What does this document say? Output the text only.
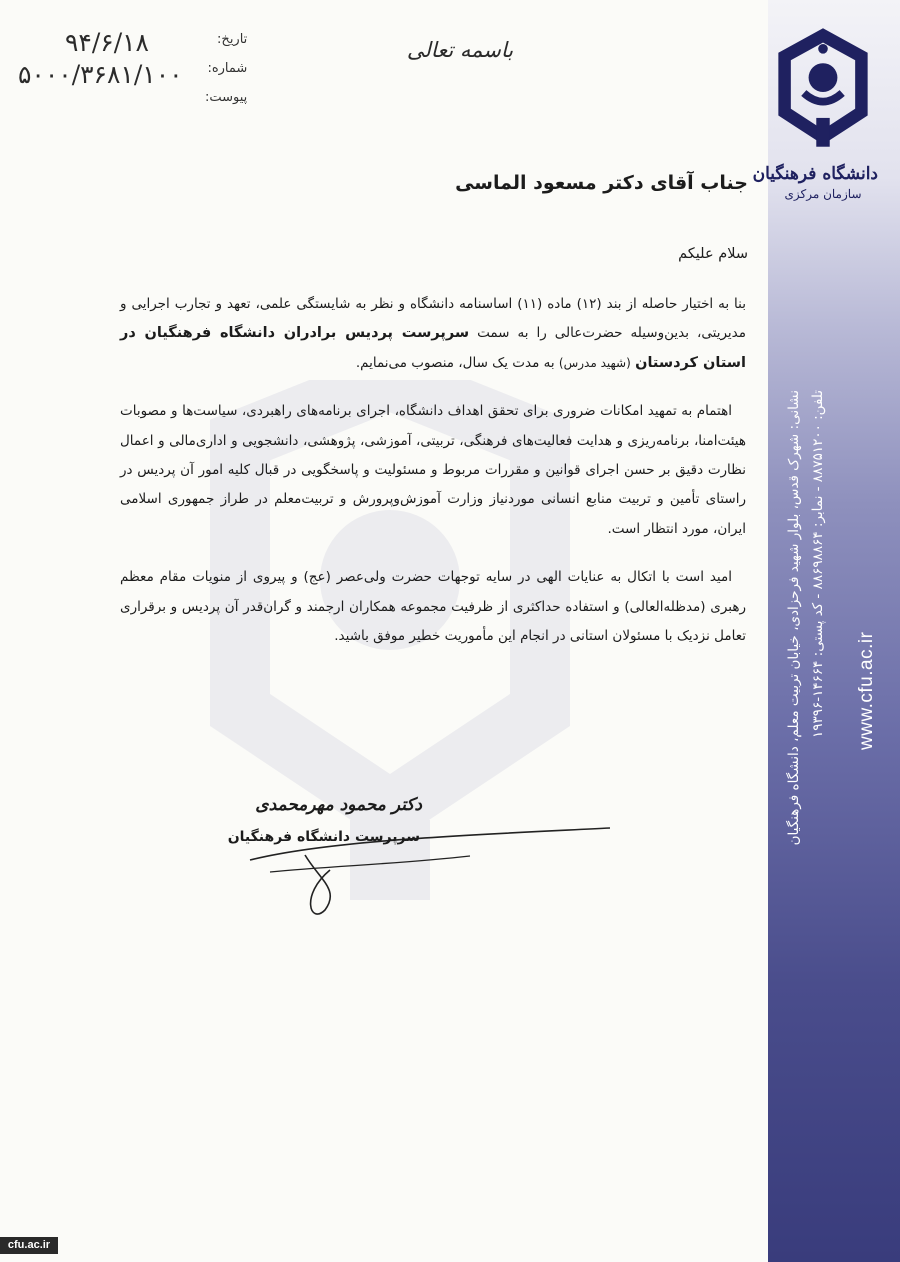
دانشگاه فرهنگیان
سازمان مرکزی
نشانی: شهرک قدس، بلوار شهید فرحزادی، خیابان تربیت معلم، دانشگاه فرهنگیان تلفن: ۸۸۷۵۱۲۰۰ - نمابر: ۸۸۶۹۸۸۶۴ - کد پستی: ۱۴۶۶۴-۱۹۳۹۶
www.cfu.ac.ir
تاریخ:
شماره:
پیوست:
۹۴/۶/۱۸
۵۰۰۰/۳۶۸۱/۱۰۰
باسمه تعالی
جناب آقای دکتر مسعود الماسی
سلام علیکم

بنا به اختیار حاصله از بند (۱۲) ماده (۱۱) اساسنامه دانشگاه و نظر به شایستگی علمی، تعهد و تجارب اجرایی و مدیریتی، بدین‌وسیله حضرت‌عالی را به سمت سرپرست پردیس برادران دانشگاه فرهنگیان در استان کردستان (شهید مدرس) به مدت یک سال، منصوب می‌نمایم.

اهتمام به تمهید امکانات ضروری برای تحقق اهداف دانشگاه، اجرای برنامه‌های راهبردی، سیاست‌ها و مصوبات هیئت‌امنا، برنامه‌ریزی و هدایت فعالیت‌های فرهنگی، تربیتی، آموزشی، پژوهشی، دانشجویی و اداری‌مالی و اعمال نظارت دقیق بر حسن اجرای قوانین و مقررات مربوط و مسئولیت و پاسخگویی در قبال کلیه امور آن پردیس در راستای تأمین و تربیت منابع انسانی موردنیاز وزارت آموزش‌وپرورش و تربیت‌معلم در طراز جمهوری اسلامی ایران، مورد انتظار است.

امید است با اتکال به عنایات الهی در سایه توجهات حضرت ولی‌عصر (عج) و پیروی از منویات مقام معظم رهبری (مدظله‌العالی) و استفاده حداکثری از ظرفیت مجموعه همکاران ارجمند و گران‌قدر آن پردیس و برقراری تعامل نزدیک با مسئولان استانی در انجام این مأموریت خطیر موفق باشید.

دکتر محمود مهرمحمدی
سرپرست دانشگاه فرهنگیان
cfu.ac.ir
